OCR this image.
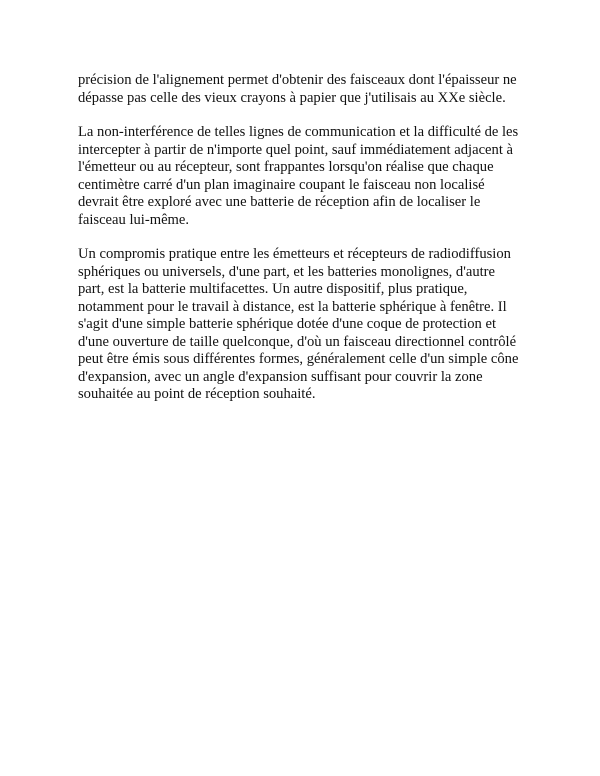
précision de l'alignement permet d'obtenir des faisceaux dont l'épaisseur ne
dépasse pas celle des vieux crayons à papier que j'utilisais au XXe siècle.

La non-interférence de telles lignes de communication et la difficulté de les
intercepter à partir de n'importe quel point, sauf immédiatement adjacent à
l'émetteur ou au récepteur, sont frappantes lorsqu'on réalise que chaque
centimètre carré d'un plan imaginaire coupant le faisceau non localisé
devrait être exploré avec une batterie de réception afin de localiser le
faisceau lui-même.

Un compromis pratique entre les émetteurs et récepteurs de radiodiffusion
sphériques ou universels, d'une part, et les batteries monolignes, d'autre
part, est la batterie multifacettes. Un autre dispositif, plus pratique,
notamment pour le travail à distance, est la batterie sphérique à fenêtre. Il
s'agit d'une simple batterie sphérique dotée d'une coque de protection et
d'une ouverture de taille quelconque, d'où un faisceau directionnel contrôlé
peut être émis sous différentes formes, généralement celle d'un simple cône
d'expansion, avec un angle d'expansion suffisant pour couvrir la zone
souhaitée au point de réception souhaité.
